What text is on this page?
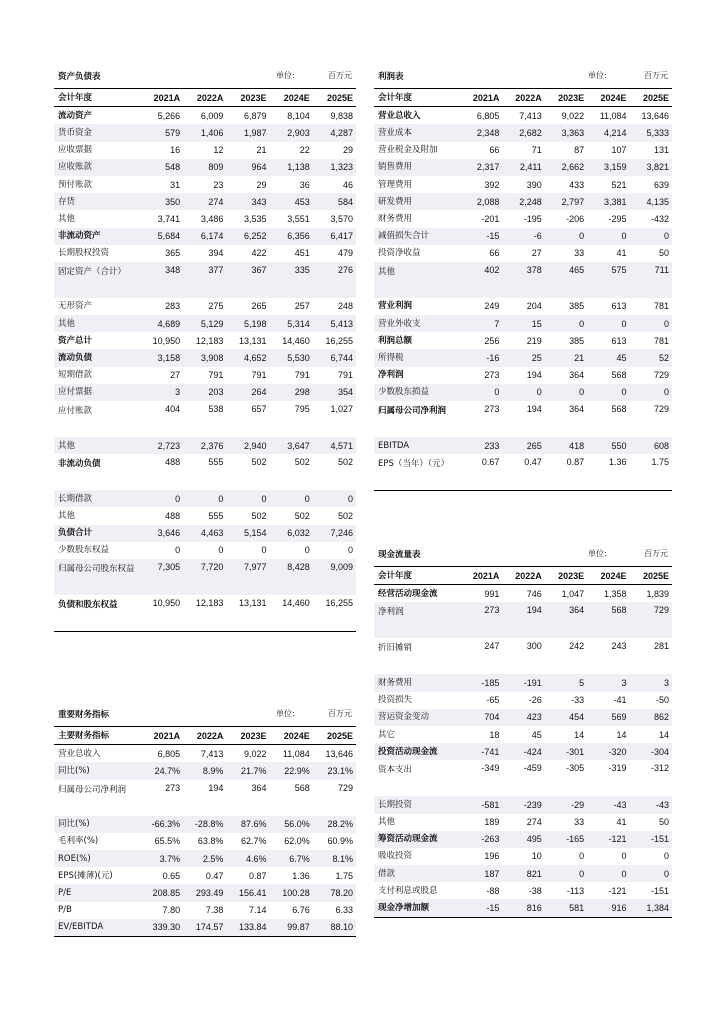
资产负债表	单位:	百万元
会计年度	2021A	2022A	2023E	2024E	2025E
流动资产	5,266	6,009	6,879	8,104	9,838
货币资金	579	1,406	1,987	2,903	4,287
应收票据	16	12	21	22	29
应收账款	548	809	964	1,138	1,323
预付账款	31	23	29	36	46
存货	350	274	343	453	584
其他	3,741	3,486	3,535	3,551	3,570
非流动资产	5,684	6,174	6,252	6,356	6,417
长期股权投资	365	394	422	451	479
固定资产（合计）	348	377	367	335	276
无形资产	283	275	265	257	248
其他	4,689	5,129	5,198	5,314	5,413
资产总计	10,950	12,183	13,131	14,460	16,255
流动负债	3,158	3,908	4,652	5,530	6,744
短期借款	27	791	791	791	791
应付票据	3	203	264	298	354
应付账款	404	538	657	795	1,027
其他	2,723	2,376	2,940	3,647	4,571
非流动负债	488	555	502	502	502
长期借款	0	0	0	0	0
其他	488	555	502	502	502
负债合计	3,646	4,463	5,154	6,032	7,246
少数股东权益	0	0	0	0	0
归属母公司股东权益	7,305	7,720	7,977	8,428	9,009
负债和股东权益	10,950	12,183	13,131	14,460	16,255
利润表	单位:	百万元
会计年度	2021A	2022A	2023E	2024E	2025E
营业总收入	6,805	7,413	9,022	11,084	13,646
营业成本	2,348	2,682	3,363	4,214	5,333
营业税金及附加	66	71	87	107	131
销售费用	2,317	2,411	2,662	3,159	3,821
管理费用	392	390	433	521	639
研发费用	2,088	2,248	2,797	3,381	4,135
财务费用	-201	-195	-206	-295	-432
减值损失合计	-15	-6	0	0	0
投资净收益	66	27	33	41	50
其他	402	378	465	575	711
营业利润	249	204	385	613	781
营业外收支	7	15	0	0	0
利润总额	256	219	385	613	781
所得税	-16	25	21	45	52
净利润	273	194	364	568	729
少数股东损益	0	0	0	0	0
归属母公司净利润	273	194	364	568	729
EBITDA	233	265	418	550	608
EPS（当年）（元）	0.67	0.47	0.87	1.36	1.75
现金流量表	单位:	百万元
会计年度	2021A	2022A	2023E	2024E	2025E
经营活动现金流	991	746	1,047	1,358	1,839
净利润	273	194	364	568	729
折旧摊销	247	300	242	243	281
财务费用	-185	-191	5	3	3
投资损失	-65	-26	-33	-41	-50
营运资金变动	704	423	454	569	862
其它	18	45	14	14	14
投资活动现金流	-741	-424	-301	-320	-304
资本支出	-349	-459	-305	-319	-312
长期投资	-581	-239	-29	-43	-43
其他	189	274	33	41	50
筹资活动现金流	-263	495	-165	-121	-151
吸收投资	196	10	0	0	0
借款	187	821	0	0	0
支付利息或股息	-88	-38	-113	-121	-151
现金净增加额	-15	816	581	916	1,384
重要财务指标	单位:	百万元
主要财务指标	2021A	2022A	2023E	2024E	2025E
营业总收入	6,805	7,413	9,022	11,084	13,646
同比(%)	24.7%	8.9%	21.7%	22.9%	23.1%
归属母公司净利润	273	194	364	568	729
同比(%)	-66.3%	-28.8%	87.6%	56.0%	28.2%
毛利率(%)	65.5%	63.8%	62.7%	62.0%	60.9%
ROE(%)	3.7%	2.5%	4.6%	6.7%	8.1%
EPS(摊薄)(元)	0.65	0.47	0.87	1.36	1.75
P/E	208.85	293.49	156.41	100.28	78.20
P/B	7.80	7.38	7.14	6.76	6.33
EV/EBITDA	339.30	174.57	133.84	99.87	88.10
